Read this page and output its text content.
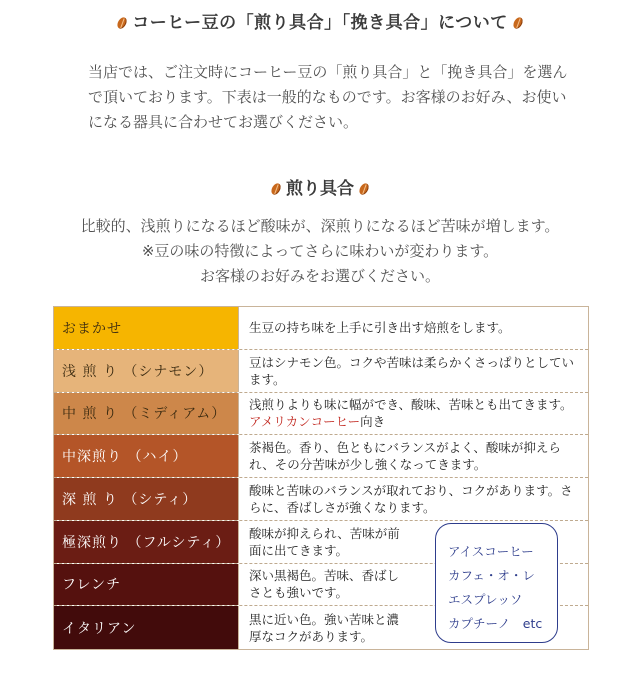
コーヒー豆の「煎り具合」「挽き具合」について
当店では、ご注文時にコーヒー豆の「煎り具合」と「挽き具合」を選んで頂いております。下表は一般的なものです。お客様のお好み、お使いになる器具に合わせてお選びください。
煎り具合
比較的、浅煎りになるほど酸味が、深煎りになるほど苦味が増します。
※豆の味の特徴によってさらに味わいが変わります。
お客様のお好みをお選びください。
おまかせ	生豆の持ち味を上手に引き出す焙煎をします。
浅 煎 り （シナモン）
豆はシナモン色。コクや苦味は柔らかくさっぱりとしています。
中 煎 り （ミディアム）
浅煎りよりも味に幅ができ、酸味、苦味とも出てきます。
アメリカンコーヒー向き
中深煎り （ハイ）
茶褐色。香り、色ともにバランスがよく、酸味が抑えられ、その分苦味が少し強くなってきます。
深 煎 り （シティ）
酸味と苦味のバランスが取れており、コクがあります。さらに、香ばしさが強くなります。
極深煎り （フルシティ）
酸味が抑えられ、苦味が前面に出てきます。
フレンチ
深い黒褐色。苦味、香ばしさとも強いです。
イタリアン
黒に近い色。強い苦味と濃厚なコクがあります。
アイスコーヒー
カフェ・オ・レ
エスプレッソ
カプチーノ　etc
